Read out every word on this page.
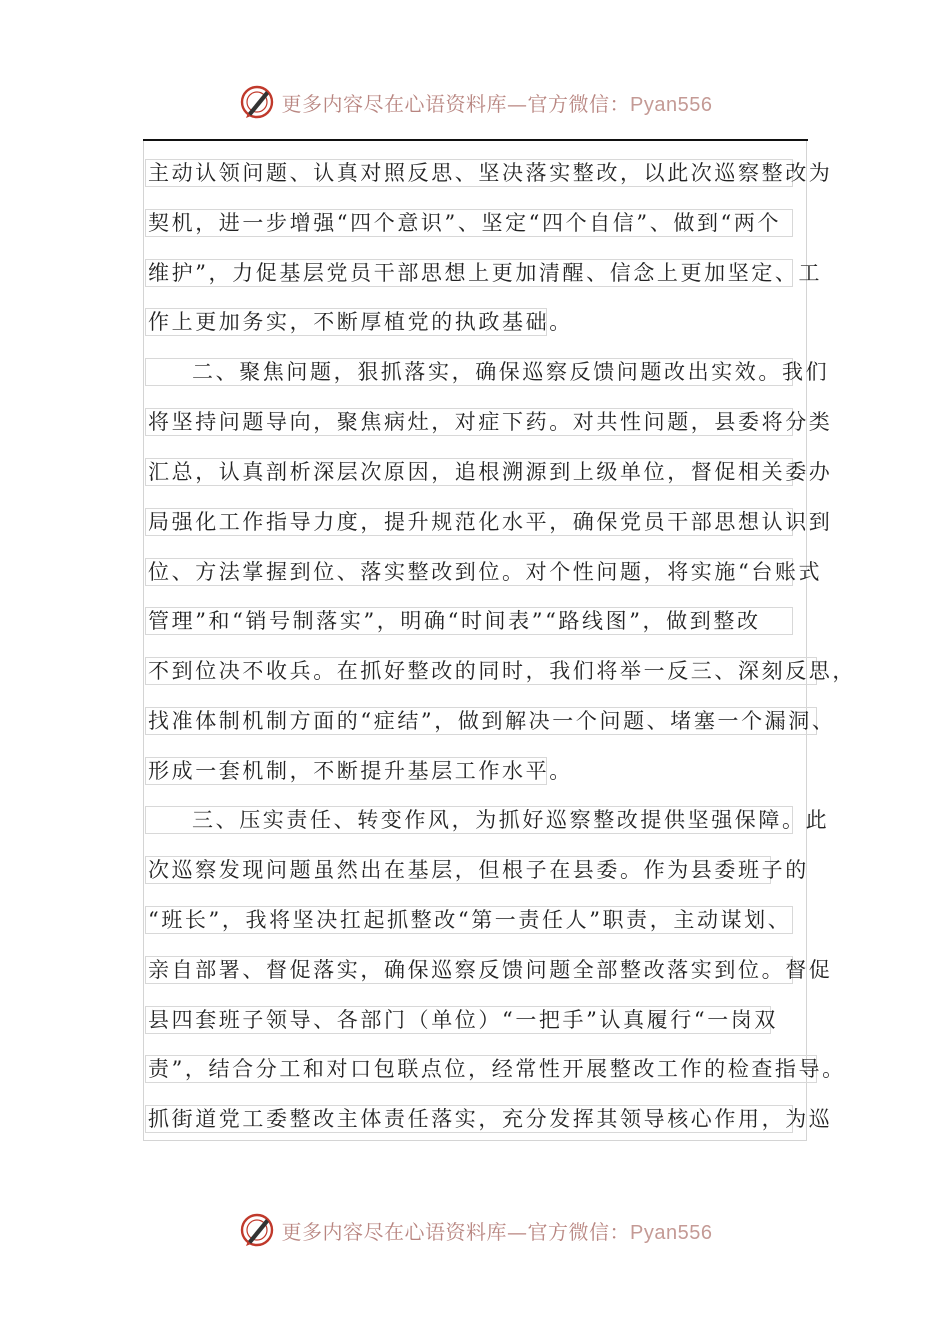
更多内容尽在心语资料库—官方微信：Pyan556
主动认领问题、认真对照反思、坚决落实整改，以此次巡察整改为
契机，进一步增强“四个意识”、坚定“四个自信”、做到“两个
维护”，力促基层党员干部思想上更加清醒、信念上更加坚定、工
作上更加务实，不断厚植党的执政基础。
二、聚焦问题，狠抓落实，确保巡察反馈问题改出实效。我们
将坚持问题导向，聚焦病灶，对症下药。对共性问题，县委将分类
汇总，认真剖析深层次原因，追根溯源到上级单位，督促相关委办
局强化工作指导力度，提升规范化水平，确保党员干部思想认识到
位、方法掌握到位、落实整改到位。对个性问题，将实施“台账式
管理”和“销号制落实”，明确“时间表”“路线图”，做到整改
不到位决不收兵。在抓好整改的同时，我们将举一反三、深刻反思，
找准体制机制方面的“症结”，做到解决一个问题、堵塞一个漏洞、
形成一套机制，不断提升基层工作水平。
三、压实责任、转变作风，为抓好巡察整改提供坚强保障。此
次巡察发现问题虽然出在基层，但根子在县委。作为县委班子的
“班长”，我将坚决扛起抓整改“第一责任人”职责，主动谋划、
亲自部署、督促落实，确保巡察反馈问题全部整改落实到位。督促
县四套班子领导、各部门（单位）“一把手”认真履行“一岗双
责”，结合分工和对口包联点位，经常性开展整改工作的检查指导。
抓街道党工委整改主体责任落实，充分发挥其领导核心作用，为巡
更多内容尽在心语资料库—官方微信：Pyan556
